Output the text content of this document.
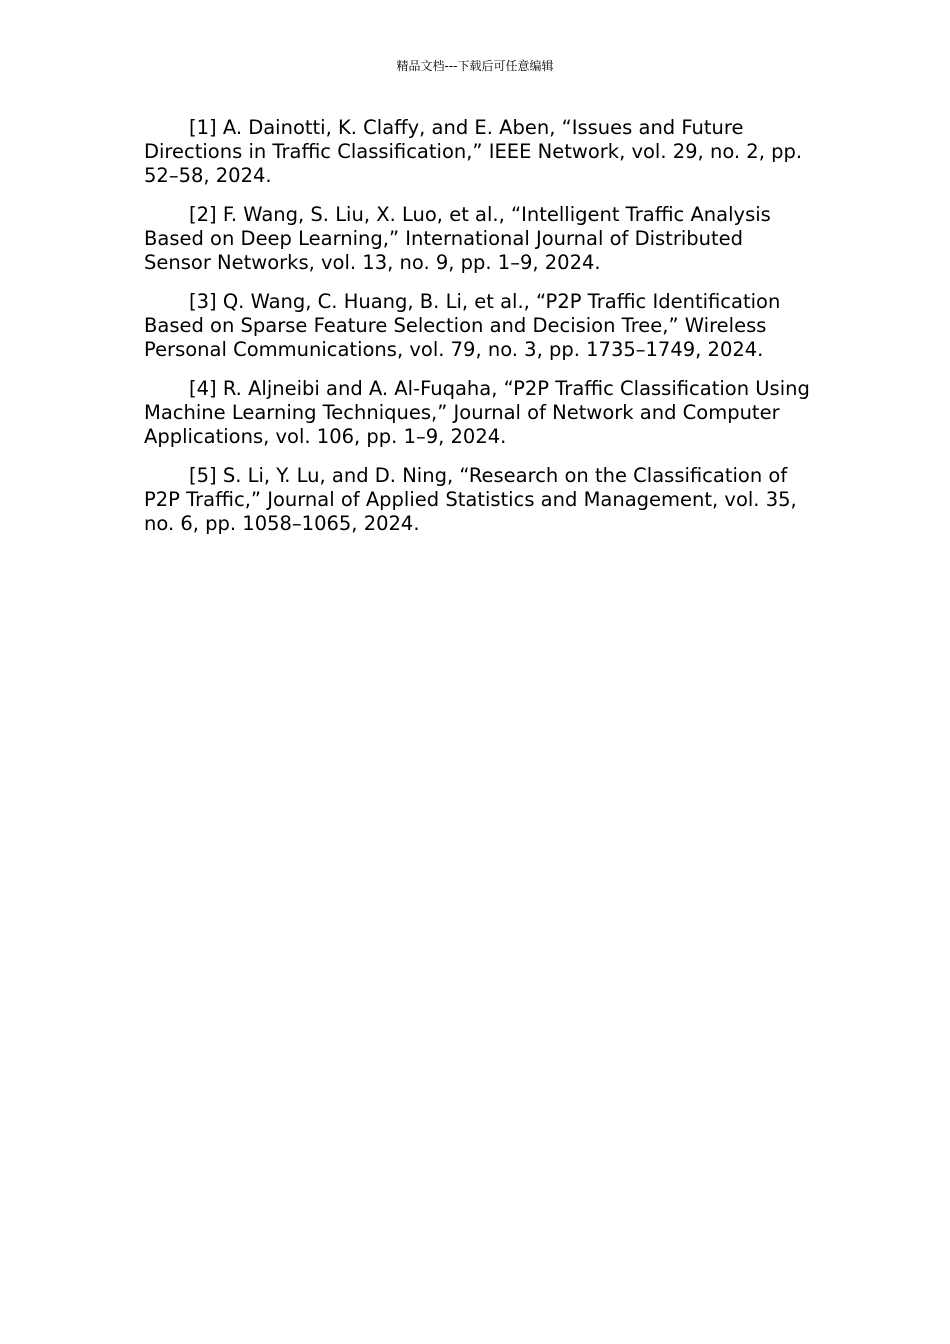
精品文档---下载后可任意编辑

[1] A. Dainotti, K. Claffy, and E. Aben, “Issues and Future Directions in Traffic Classification,” IEEE Network, vol. 29, no. 2, pp. 52–58, 2024.

[2] F. Wang, S. Liu, X. Luo, et al., “Intelligent Traffic Analysis Based on Deep Learning,” International Journal of Distributed Sensor Networks, vol. 13, no. 9, pp. 1–9, 2024.

[3] Q. Wang, C. Huang, B. Li, et al., “P2P Traffic Identification Based on Sparse Feature Selection and Decision Tree,” Wireless Personal Communications, vol. 79, no. 3, pp. 1735–1749, 2024.

[4] R. Aljneibi and A. Al-Fuqaha, “P2P Traffic Classification Using Machine Learning Techniques,” Journal of Network and Computer Applications, vol. 106, pp. 1–9, 2024.

[5] S. Li, Y. Lu, and D. Ning, “Research on the Classification of P2P Traffic,” Journal of Applied Statistics and Management, vol. 35, no. 6, pp. 1058–1065, 2024.
